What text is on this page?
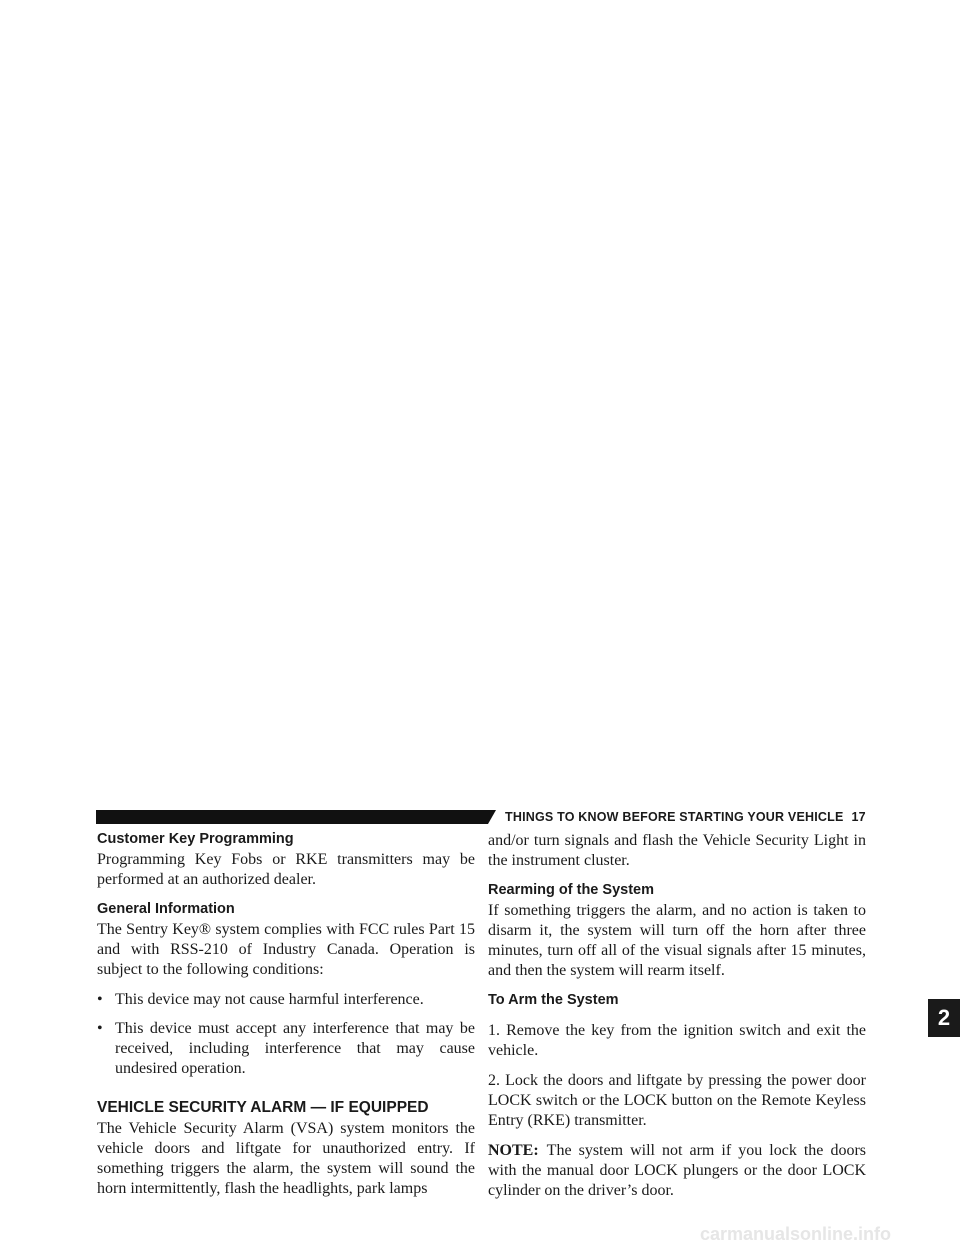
THINGS TO KNOW BEFORE STARTING YOUR VEHICLE 17
Customer Key Programming

Programming Key Fobs or RKE transmitters may be performed at an authorized dealer.

General Information

The Sentry Key® system complies with FCC rules Part 15 and with RSS-210 of Industry Canada. Operation is subject to the following conditions:

• This device may not cause harmful interference.
• This device must accept any interference that may be received, including interference that may cause undesired operation.
VEHICLE SECURITY ALARM — IF EQUIPPED

The Vehicle Security Alarm (VSA) system monitors the vehicle doors and liftgate for unauthorized entry. If something triggers the alarm, the system will sound the horn intermittently, flash the headlights, park lamps

and/or turn signals and flash the Vehicle Security Light in the instrument cluster.

Rearming of the System

If something triggers the alarm, and no action is taken to disarm it, the system will turn off the horn after three minutes, turn off all of the visual signals after 15 minutes, and then the system will rearm itself.

To Arm the System

1. Remove the key from the ignition switch and exit the vehicle.

2. Lock the doors and liftgate by pressing the power door LOCK switch or the LOCK button on the Remote Keyless Entry (RKE) transmitter.

NOTE: The system will not arm if you lock the doors with the manual door LOCK plungers or the door LOCK cylinder on the driver’s door.

2
carmanualsonline.info
